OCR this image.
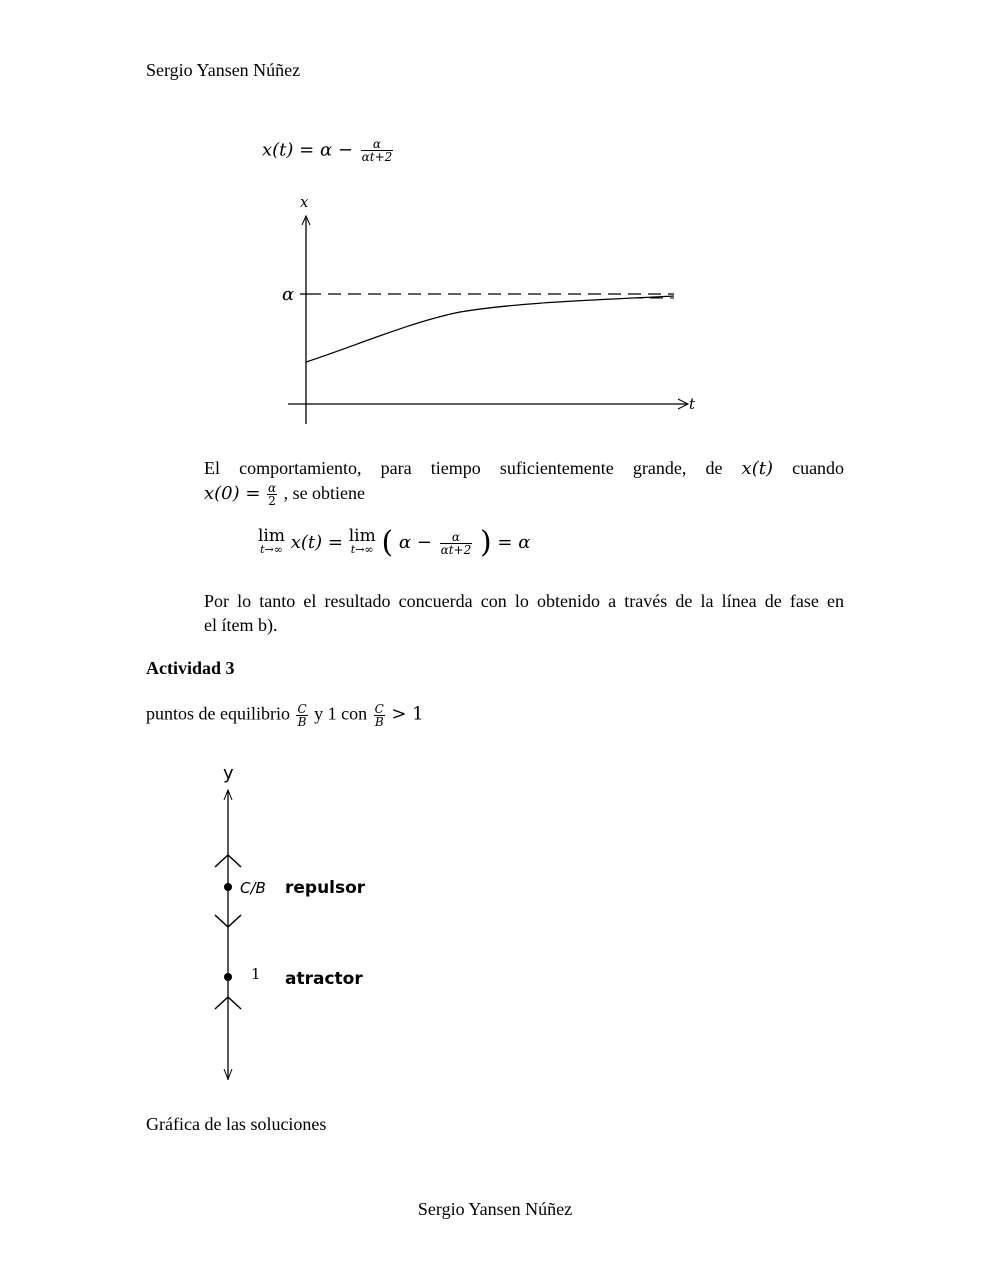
Sergio Yansen Núñez
$x(t) = \alpha - \frac{\alpha}{\alpha t+2}$
x
t
α
El comportamiento, para tiempo suficientemente grande, de x(t) cuando
$x(0) = \frac{\alpha}{2}$ , se obtiene
lim
t→∞ x(t) = lim
t→∞ ( $\alpha - \frac{\alpha}{\alpha t+2}$ ) = α
Por lo tanto el resultado concuerda con lo obtenido a través de la línea de fase en
el ítem b).
Actividad 3
puntos de equilibrio $\frac{C}{B}$ y 1 con $\frac{C}{B} > 1$
y
C/B repulsor
1 atractor
Gráfica de las soluciones
Sergio Yansen Núñez
